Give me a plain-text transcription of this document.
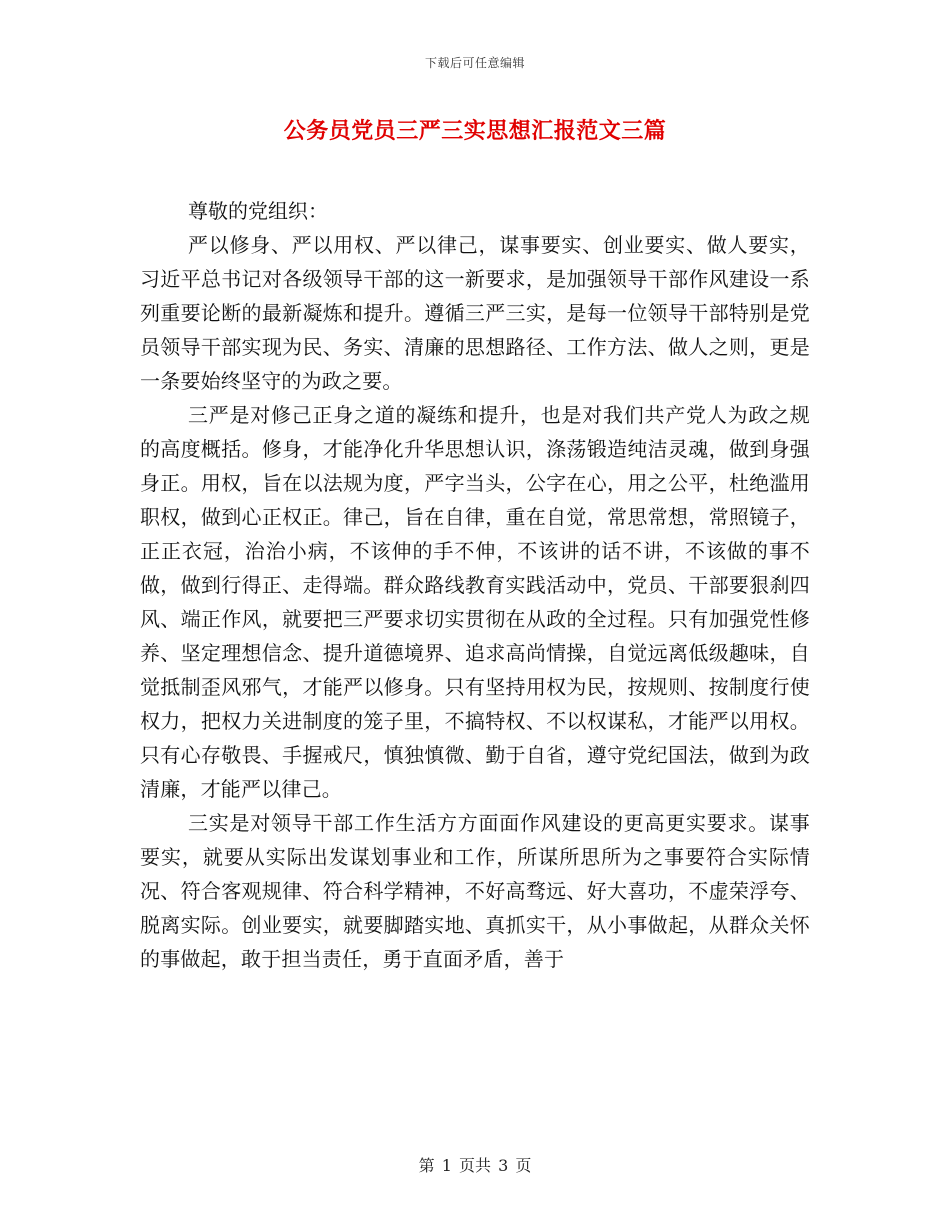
下载后可任意编辑
公务员党员三严三实思想汇报范文三篇

尊敬的党组织：

严以修身、严以用权、严以律己，谋事要实、创业要实、做人要实，习近平总书记对各级领导干部的这一新要求，是加强领导干部作风建设一系列重要论断的最新凝炼和提升。遵循三严三实，是每一位领导干部特别是党员领导干部实现为民、务实、清廉的思想路径、工作方法、做人之则，更是一条要始终坚守的为政之要。

三严是对修己正身之道的凝练和提升，也是对我们共产党人为政之规的高度概括。修身，才能净化升华思想认识，涤荡锻造纯洁灵魂，做到身强身正。用权，旨在以法规为度，严字当头，公字在心，用之公平，杜绝滥用职权，做到心正权正。律己，旨在自律，重在自觉，常思常想，常照镜子，正正衣冠，治治小病，不该伸的手不伸，不该讲的话不讲，不该做的事不做，做到行得正、走得端。群众路线教育实践活动中，党员、干部要狠刹四风、端正作风，就要把三严要求切实贯彻在从政的全过程。只有加强党性修养、坚定理想信念、提升道德境界、追求高尚情操，自觉远离低级趣味，自觉抵制歪风邪气，才能严以修身。只有坚持用权为民，按规则、按制度行使权力，把权力关进制度的笼子里，不搞特权、不以权谋私，才能严以用权。只有心存敬畏、手握戒尺，慎独慎微、勤于自省，遵守党纪国法，做到为政清廉，才能严以律己。

三实是对领导干部工作生活方方面面作风建设的更高更实要求。谋事要实，就要从实际出发谋划事业和工作，所谋所思所为之事要符合实际情况、符合客观规律、符合科学精神，不好高骛远、好大喜功，不虚荣浮夸、脱离实际。创业要实，就要脚踏实地、真抓实干，从小事做起，从群众关怀的事做起，敢于担当责任，勇于直面矛盾，善于

第 1 页共 3 页
